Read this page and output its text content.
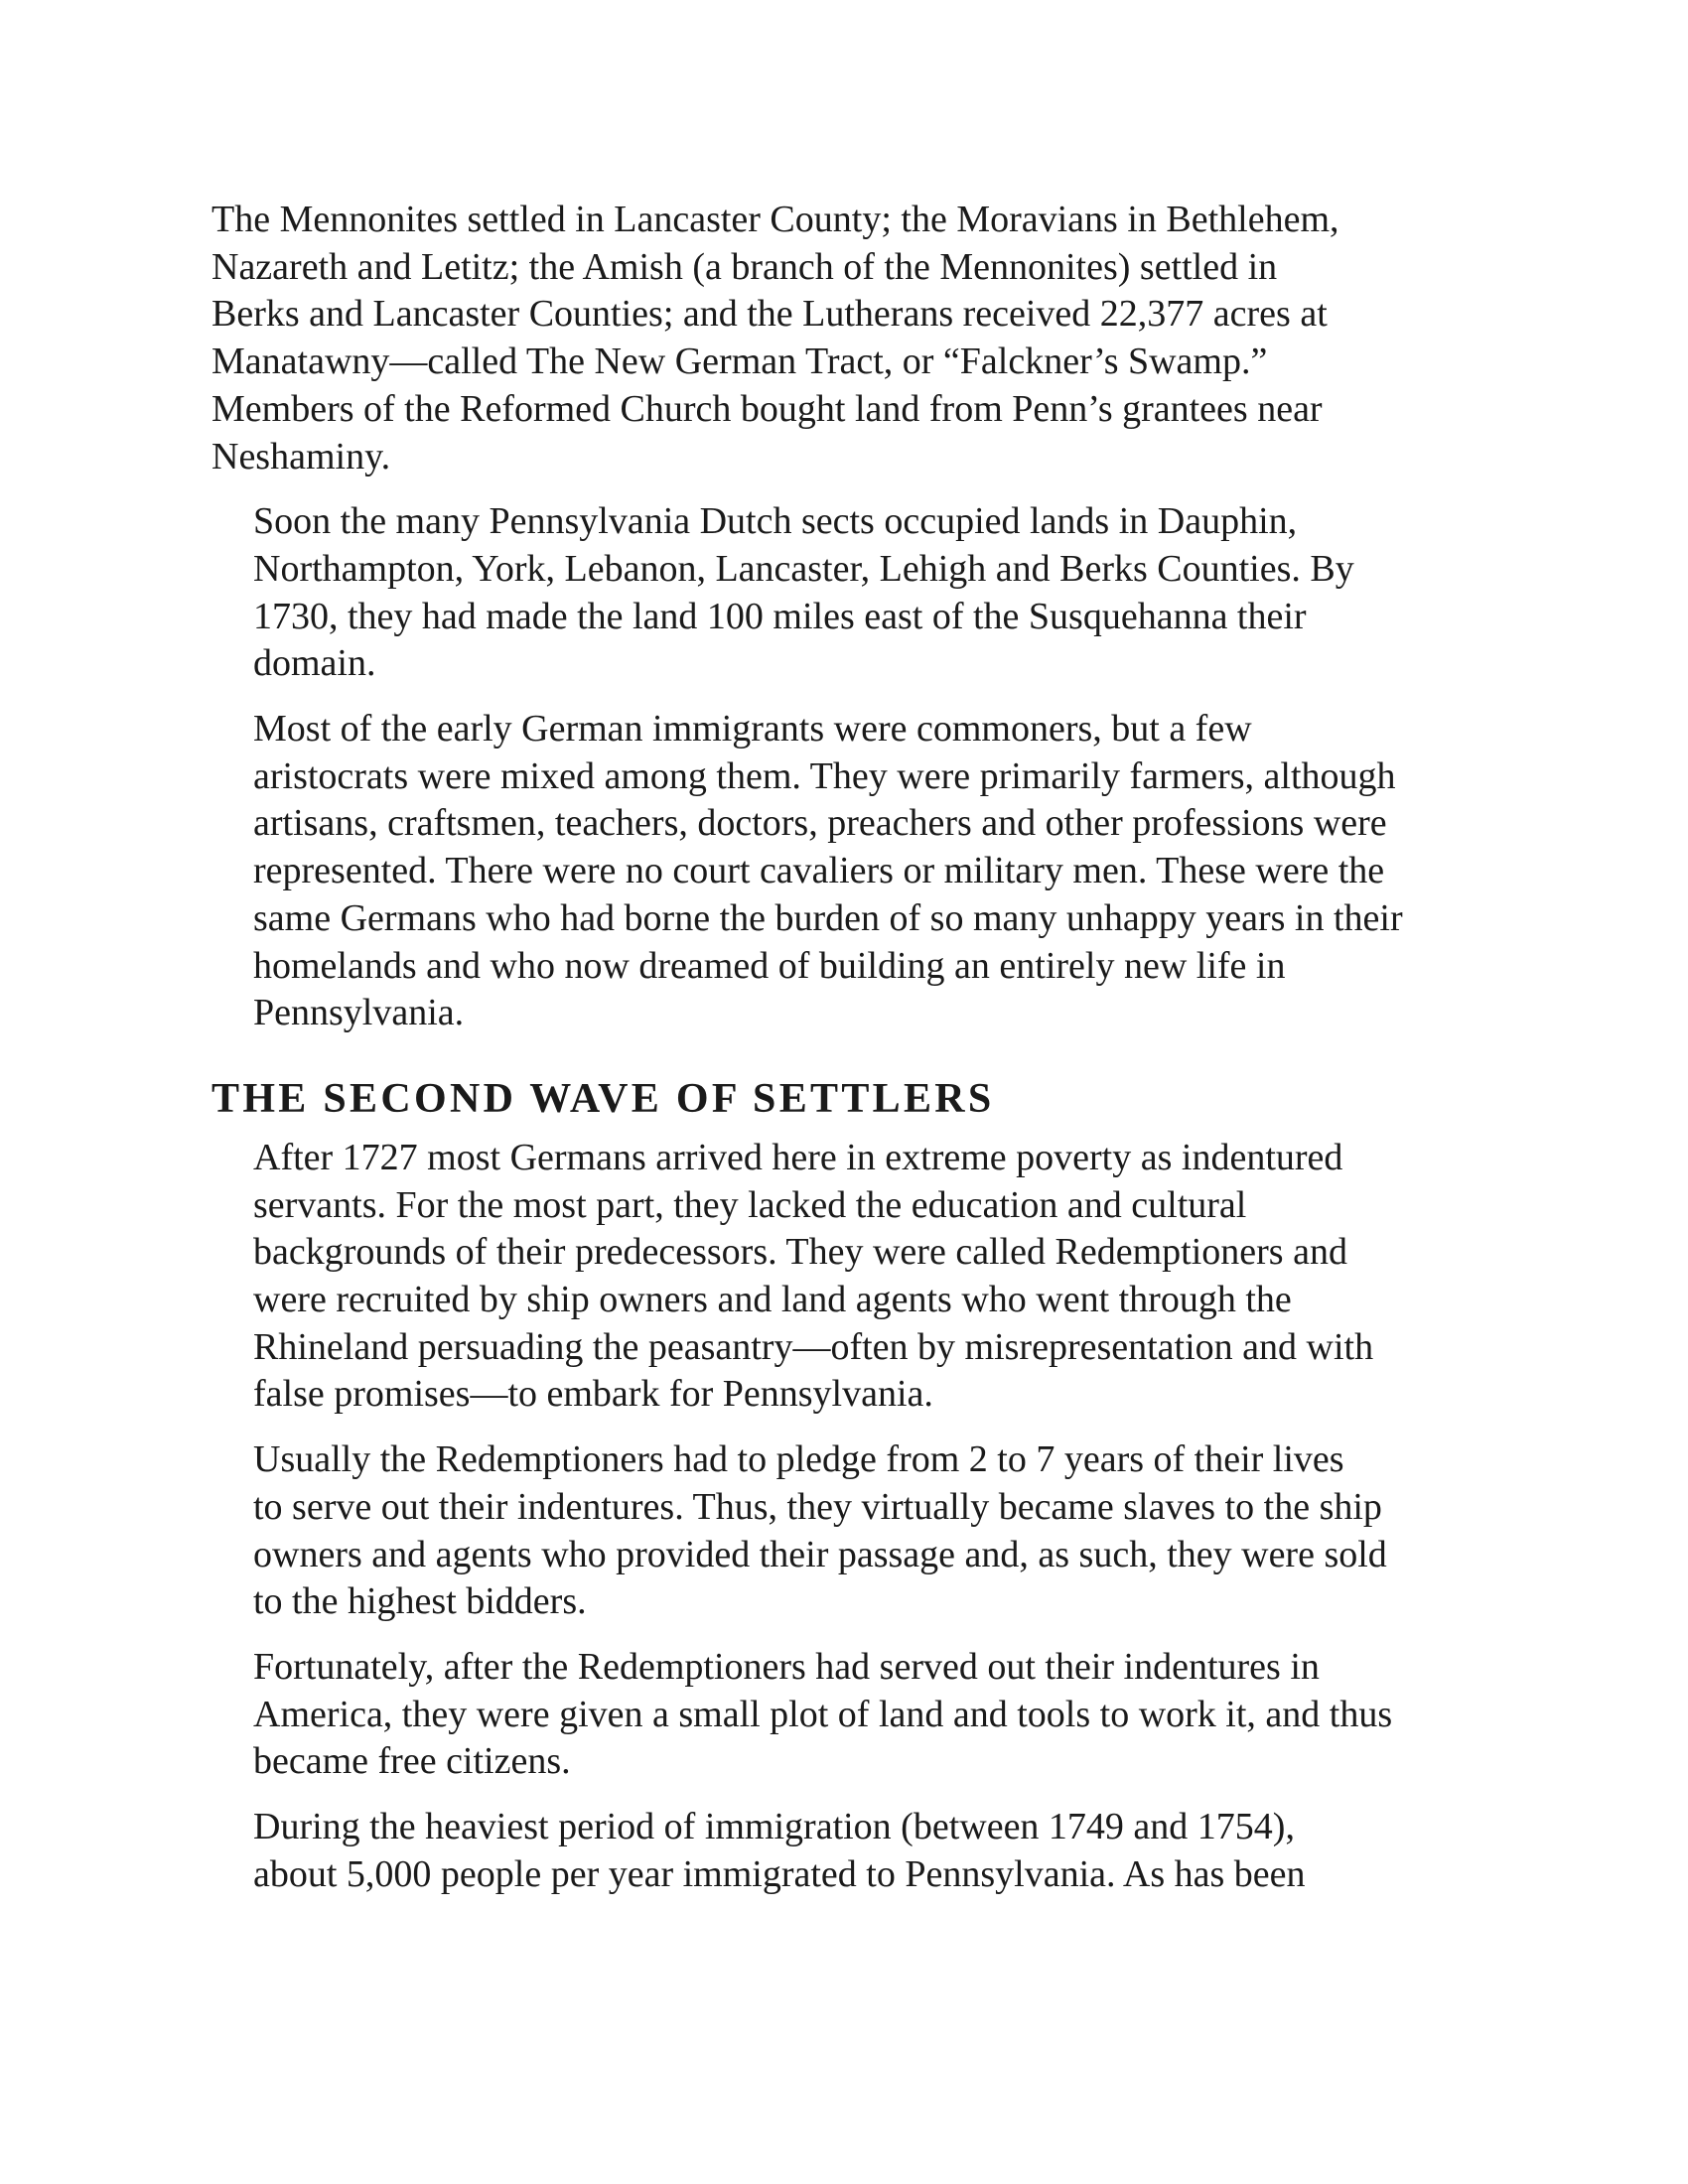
The Mennonites settled in Lancaster County; the Moravians in Bethlehem,
Nazareth and Letitz; the Amish (a branch of the Mennonites) settled in
Berks and Lancaster Counties; and the Lutherans received 22,377 acres at
Manatawny—called The New German Tract, or “Falckner’s Swamp.”
Members of the Reformed Church bought land from Penn’s grantees near
Neshaminy.

Soon the many Pennsylvania Dutch sects occupied lands in Dauphin,
Northampton, York, Lebanon, Lancaster, Lehigh and Berks Counties. By
1730, they had made the land 100 miles east of the Susquehanna their
domain.

Most of the early German immigrants were commoners, but a few
aristocrats were mixed among them. They were primarily farmers, although
artisans, craftsmen, teachers, doctors, preachers and other professions were
represented. There were no court cavaliers or military men. These were the
same Germans who had borne the burden of so many unhappy years in their
homelands and who now dreamed of building an entirely new life in
Pennsylvania.

THE SECOND WAVE OF SETTLERS

After 1727 most Germans arrived here in extreme poverty as indentured
servants. For the most part, they lacked the education and cultural
backgrounds of their predecessors. They were called Redemptioners and
were recruited by ship owners and land agents who went through the
Rhineland persuading the peasantry—often by misrepresentation and with
false promises—to embark for Pennsylvania.

Usually the Redemptioners had to pledge from 2 to 7 years of their lives
to serve out their indentures. Thus, they virtually became slaves to the ship
owners and agents who provided their passage and, as such, they were sold
to the highest bidders.

Fortunately, after the Redemptioners had served out their indentures in
America, they were given a small plot of land and tools to work it, and thus
became free citizens.

During the heaviest period of immigration (between 1749 and 1754),
about 5,000 people per year immigrated to Pennsylvania. As has been
